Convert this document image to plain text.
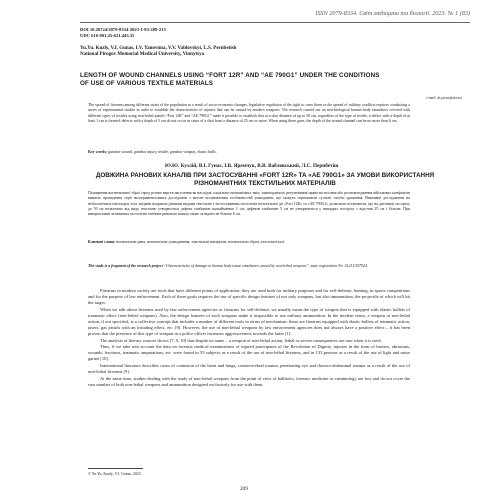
ISSN 2079-8334. Світ медицини та біології. 2023. № 1 (83)
DOI 10.26724/2079-8334-2023-1-83-209-213
UDC 616-001.45-621.443.35
Yu.Yu. Kuzly, V.I. Gunas, I.V. Yanovnna, V.V. Vablovskyi, L.S. Pernbetish
National Pirogov Memorial Medical University, Vinnytsya
LENGTH OF WOUND CHANNELS USING “FORT 12R” AND “AE 790G1” UNDER THE CONDITIONS OF USE OF VARIOUS TEXTILE MATERIALS
e-mail: dr.yuras@ukr.net
The spread of firearms among different strata of the population as a result of socio-economic changes, legislative regulation of the right to carry them or the spread of military conflicts requires conducting a series of experimental studies in order to establish the characteristics of injuries that can be caused by modern weapons. The research carried out on non-biological human body simulators covered with different types of textiles using non-lethal pistols “Fort 12R” and “AE 790G1” made it possible to establish that at a shot distance of up to 50 cm, regardless of the type of textile, a defect with a depth of at least 1 cm is formed; defects with a depth of 5 cm do not occur in cases of a shot from a distance of 25 cm or more. When using these guns, the depth of the wound channel can be no more than 6 cm.
Key words: gunshot wound, gunshot injury, textile, gunshot weapon, elastic bulls.
Ю.Ю. Кузлій, В.І. Гунас, І.В. Яремчук, В.В. Вабловський, Л.С. Пернбетіш
ДОВЖИНА РАНОВИХ КАНАЛІВ ПРИ ЗАСТОСУВАННІ «FORT 12R» ТА «AE 790G1» ЗА УМОВИ ВИКОРИСТАННЯ РІЗНОМАНІТНИХ ТЕКСТИЛЬНИХ МАТЕРІАЛІВ
Поширення вогнепальної зброї серед різних верств населення як наслідок соціально-економічних змін, законодавчого регулювання права на носіння або розповсюдження військових конфліктів вимагає проведення серії експериментальних досліджень з метою встановлення особливостей ушкоджень, що можуть спричинити сучасні засоби ураження. Виконане дослідження на небіологічних імітаторах тіла людини покритих різними видами текстилю з застосуванням пістолетів нелетальної дії «Fort 12R» та «AE 790G1» дозволило встановити, що на дистанції пострілу до 50 см незалежно від виду текстилю утворюється дефект глибиною щонайменше 1 см; дефекти глибиною 5 см не утворюються у випадках пострілу з відстані 25 см і більше. При використанні зазначених пістолетів глибина ранового каналу може складати не більше 6 см.
Ключові слова: вогнепальне рана, вогнепальне ушкодження, текстильні матеріали, вогнепальна зброя, еластичні кулі.
The study is a fragment of the research project “Characteristics of damage to human body tissue simulators caused by non-lethal weapons”, state registration No. 0121U107924.

Firearms in modern society are tools that have different points of application: they are used both for military purposes and for self-defense, hunting, in sports competitions and for the purpose of law enforcement. Each of these goals requires the use of specific design features of not only weapons, but also ammunition, the projectile of which will hit the target.

When we talk about firearms used by law enforcement agencies or firearms for self-defense, we usually mean the type of weapon that is equipped with elastic bullets of traumatic effect (non-lethal weapons). Also, the design features of such weapons make it impossible to use military ammunition. In the modern sense, a weapon of non-lethal action, if not specified, is a collective concept that includes a number of different tools in terms of mechanism: these are firearms equipped with elastic bullets of traumatic action, tasers, gas pistols with an irritating effect, etc. [9]. However, the use of non-lethal weapons by law enforcement agencies does not always have a positive effect – it has been proven that the presence of this type of weapon in a police officer increases aggressiveness towards the latter [1].

The analysis of literary sources shows [7, 9, 10] that despite its name – a weapon of non-lethal action, lethal or severe consequences are rare when it is used.

Thus, if we take into account the data on forensic medical examinations of injured participants of the Revolution of Dignity, injuries in the form of bruises, abrasions, wounds, fractures, traumatic amputations, etc. were found in 55 subjects as a result of the use of non-lethal firearms, and in 133 persons as a result of the use of light and noise garnet [10].

International literature describes cases of contusion of the heart and lungs, craniocerebral trauma, penetrating eye and thoraco-abdominal trauma as a result of the use of non-lethal firearms [9].

At the same time, studies dealing with the study of non-lethal weapons from the point of view of ballistics, forensic medicine or criminology are few and do not cover the vast number of both non-lethal weapons and ammunition designed exclusively for use with them.

© Yu.Yu. Kuzly, V.I. Gunas, 2023
209
